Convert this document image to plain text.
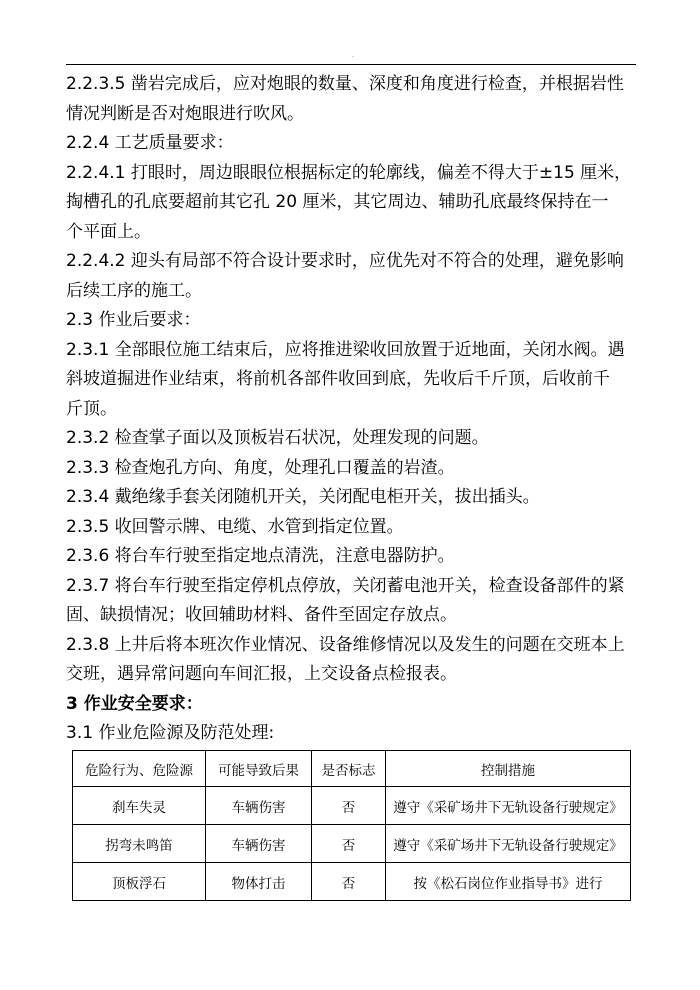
.
2.2.3.5 凿岩完成后，应对炮眼的数量、深度和角度进行检查，并根据岩性
情况判断是否对炮眼进行吹风。
2.2.4 工艺质量要求：
2.2.4.1 打眼时，周边眼眼位根据标定的轮廓线，偏差不得大于±15 厘米，
掏槽孔的孔底要超前其它孔 20 厘米，其它周边、辅助孔底最终保持在一
个平面上。
2.2.4.2 迎头有局部不符合设计要求时，应优先对不符合的处理，避免影响
后续工序的施工。
2.3 作业后要求：
2.3.1 全部眼位施工结束后，应将推进梁收回放置于近地面，关闭水阀。遇
斜坡道掘进作业结束，将前机各部件收回到底，先收后千斤顶，后收前千
斤顶。
2.3.2 检查掌子面以及顶板岩石状况，处理发现的问题。
2.3.3 检查炮孔方向、角度，处理孔口覆盖的岩渣。
2.3.4 戴绝缘手套关闭随机开关，关闭配电柜开关，拔出插头。
2.3.5 收回警示牌、电缆、水管到指定位置。
2.3.6 将台车行驶至指定地点清洗，注意电器防护。
2.3.7 将台车行驶至指定停机点停放，关闭蓄电池开关，检查设备部件的紧
固、缺损情况；收回辅助材料、备件至固定存放点。
2.3.8 上井后将本班次作业情况、设备维修情况以及发生的问题在交班本上
交班，遇异常问题向车间汇报，上交设备点检报表。
3 作业安全要求：
3.1 作业危险源及防范处理:
危险行为、危险源	可能导致后果	是否标志	控制措施
刹车失灵	车辆伤害	否	遵守《采矿场井下无轨设备行驶规定》
拐弯未鸣笛	车辆伤害	否	遵守《采矿场井下无轨设备行驶规定》
顶板浮石	物体打击	否	按《松石岗位作业指导书》进行
